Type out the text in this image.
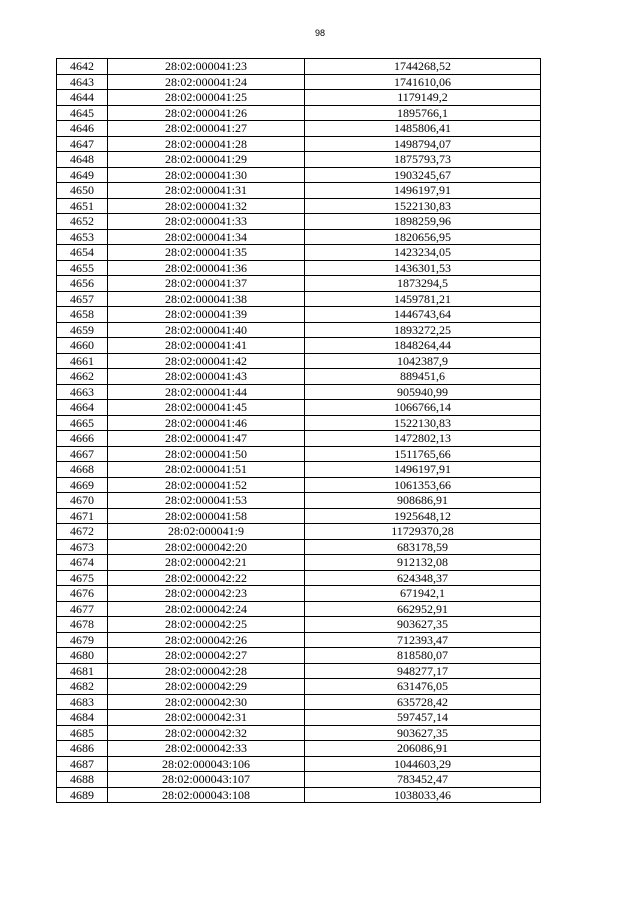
98
4642	28:02:000041:23	1744268,52
4643	28:02:000041:24	1741610,06
4644	28:02:000041:25	1179149,2
4645	28:02:000041:26	1895766,1
4646	28:02:000041:27	1485806,41
4647	28:02:000041:28	1498794,07
4648	28:02:000041:29	1875793,73
4649	28:02:000041:30	1903245,67
4650	28:02:000041:31	1496197,91
4651	28:02:000041:32	1522130,83
4652	28:02:000041:33	1898259,96
4653	28:02:000041:34	1820656,95
4654	28:02:000041:35	1423234,05
4655	28:02:000041:36	1436301,53
4656	28:02:000041:37	1873294,5
4657	28:02:000041:38	1459781,21
4658	28:02:000041:39	1446743,64
4659	28:02:000041:40	1893272,25
4660	28:02:000041:41	1848264,44
4661	28:02:000041:42	1042387,9
4662	28:02:000041:43	889451,6
4663	28:02:000041:44	905940,99
4664	28:02:000041:45	1066766,14
4665	28:02:000041:46	1522130,83
4666	28:02:000041:47	1472802,13
4667	28:02:000041:50	1511765,66
4668	28:02:000041:51	1496197,91
4669	28:02:000041:52	1061353,66
4670	28:02:000041:53	908686,91
4671	28:02:000041:58	1925648,12
4672	28:02:000041:9	11729370,28
4673	28:02:000042:20	683178,59
4674	28:02:000042:21	912132,08
4675	28:02:000042:22	624348,37
4676	28:02:000042:23	671942,1
4677	28:02:000042:24	662952,91
4678	28:02:000042:25	903627,35
4679	28:02:000042:26	712393,47
4680	28:02:000042:27	818580,07
4681	28:02:000042:28	948277,17
4682	28:02:000042:29	631476,05
4683	28:02:000042:30	635728,42
4684	28:02:000042:31	597457,14
4685	28:02:000042:32	903627,35
4686	28:02:000042:33	206086,91
4687	28:02:000043:106	1044603,29
4688	28:02:000043:107	783452,47
4689	28:02:000043:108	1038033,46
